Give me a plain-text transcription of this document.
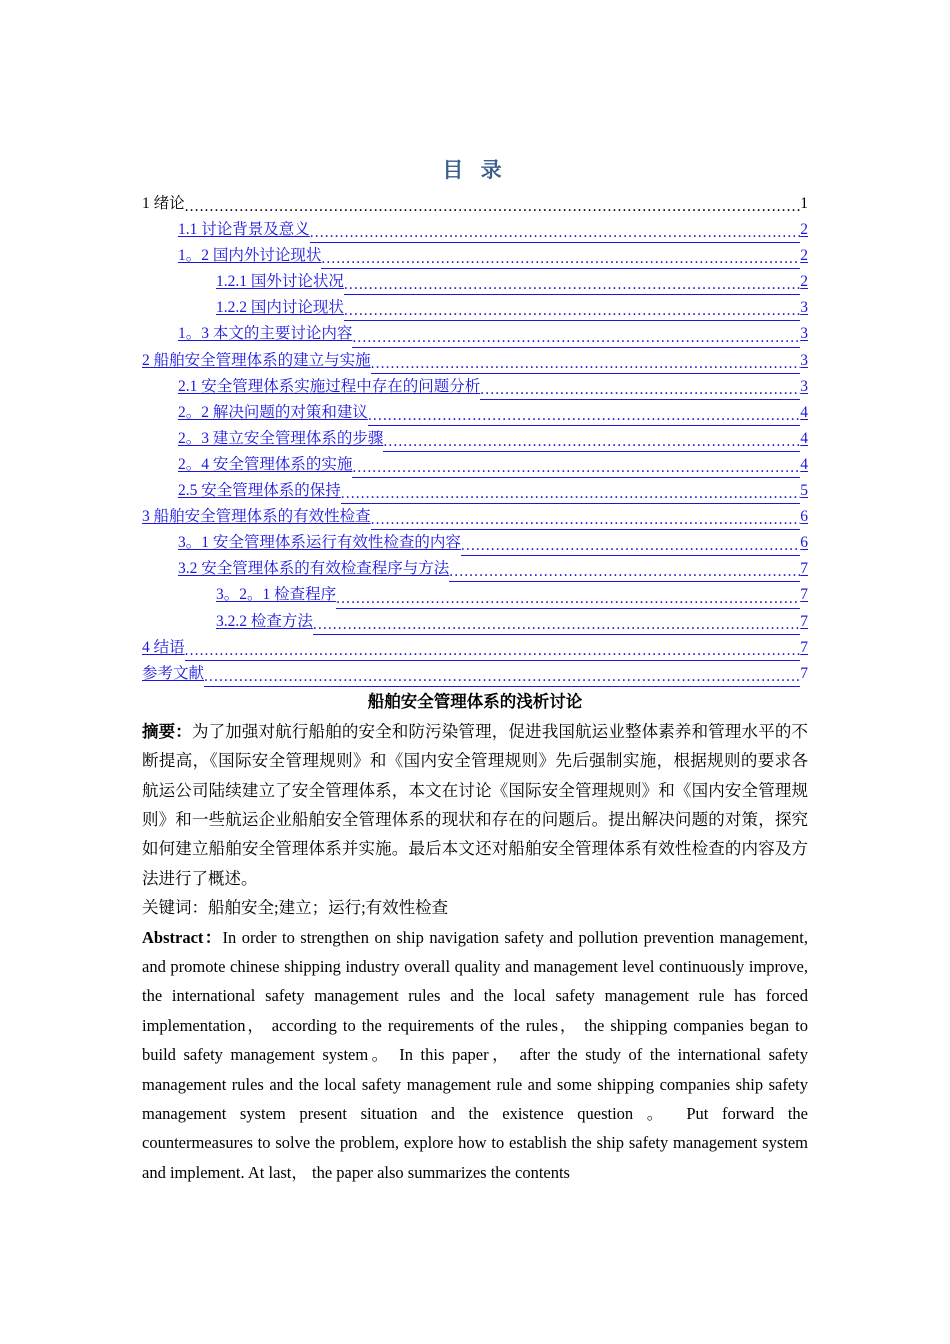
目 录
1 绪论 .....	1
1.1 讨论背景及意义 .....	2
1。2 国内外讨论现状 .....	2
1.2.1 国外讨论状况 .....	2
1.2.2 国内讨论现状 .....	3
1。3 本文的主要讨论内容 .....	3
2 船舶安全管理体系的建立与实施 .....	3
2.1 安全管理体系实施过程中存在的问题分析 .....	3
2。2 解决问题的对策和建议 .....	4
2。3 建立安全管理体系的步骤 .....	4
2。4 安全管理体系的实施 .....	4
2.5 安全管理体系的保持 .....	5
3 船舶安全管理体系的有效性检查 .....	6
3。1 安全管理体系运行有效性检查的内容 .....	6
3.2 安全管理体系的有效检查程序与方法 .....	7
3。2。1 检查程序 .....	7
3.2.2 检查方法 .....	7
4 结语 .....	7
参考文献 .....	7
船舶安全管理体系的浅析讨论

摘要：为了加强对航行船舶的安全和防污染管理，促进我国航运业整体素养和管理水平的不断提高，《国际安全管理规则》和《国内安全管理规则》先后强制实施，根据规则的要求各航运公司陆续建立了安全管理体系，本文在讨论《国际安全管理规则》和《国内安全管理规则》和一些航运企业船舶安全管理体系的现状和存在的问题后。提出解决问题的对策，探究如何建立船舶安全管理体系并实施。最后本文还对船舶安全管理体系有效性检查的内容及方法进行了概述。

关键词：船舶安全;建立；运行;有效性检查

Abstract：In order to strengthen on ship navigation safety and pollution prevention management, and promote chinese shipping industry overall quality and management level continuously improve, the international safety management rules and the local safety management rule has forced implementation， according to the requirements of the rules， the shipping companies began to build safety management system。 In this paper， after the study of the international safety management rules and the local safety management rule and some shipping companies ship safety management system present situation and the existence question 。 Put forward the countermeasures to solve the problem, explore how to establish the ship safety management system and implement. At last， the paper also summarizes the contents
